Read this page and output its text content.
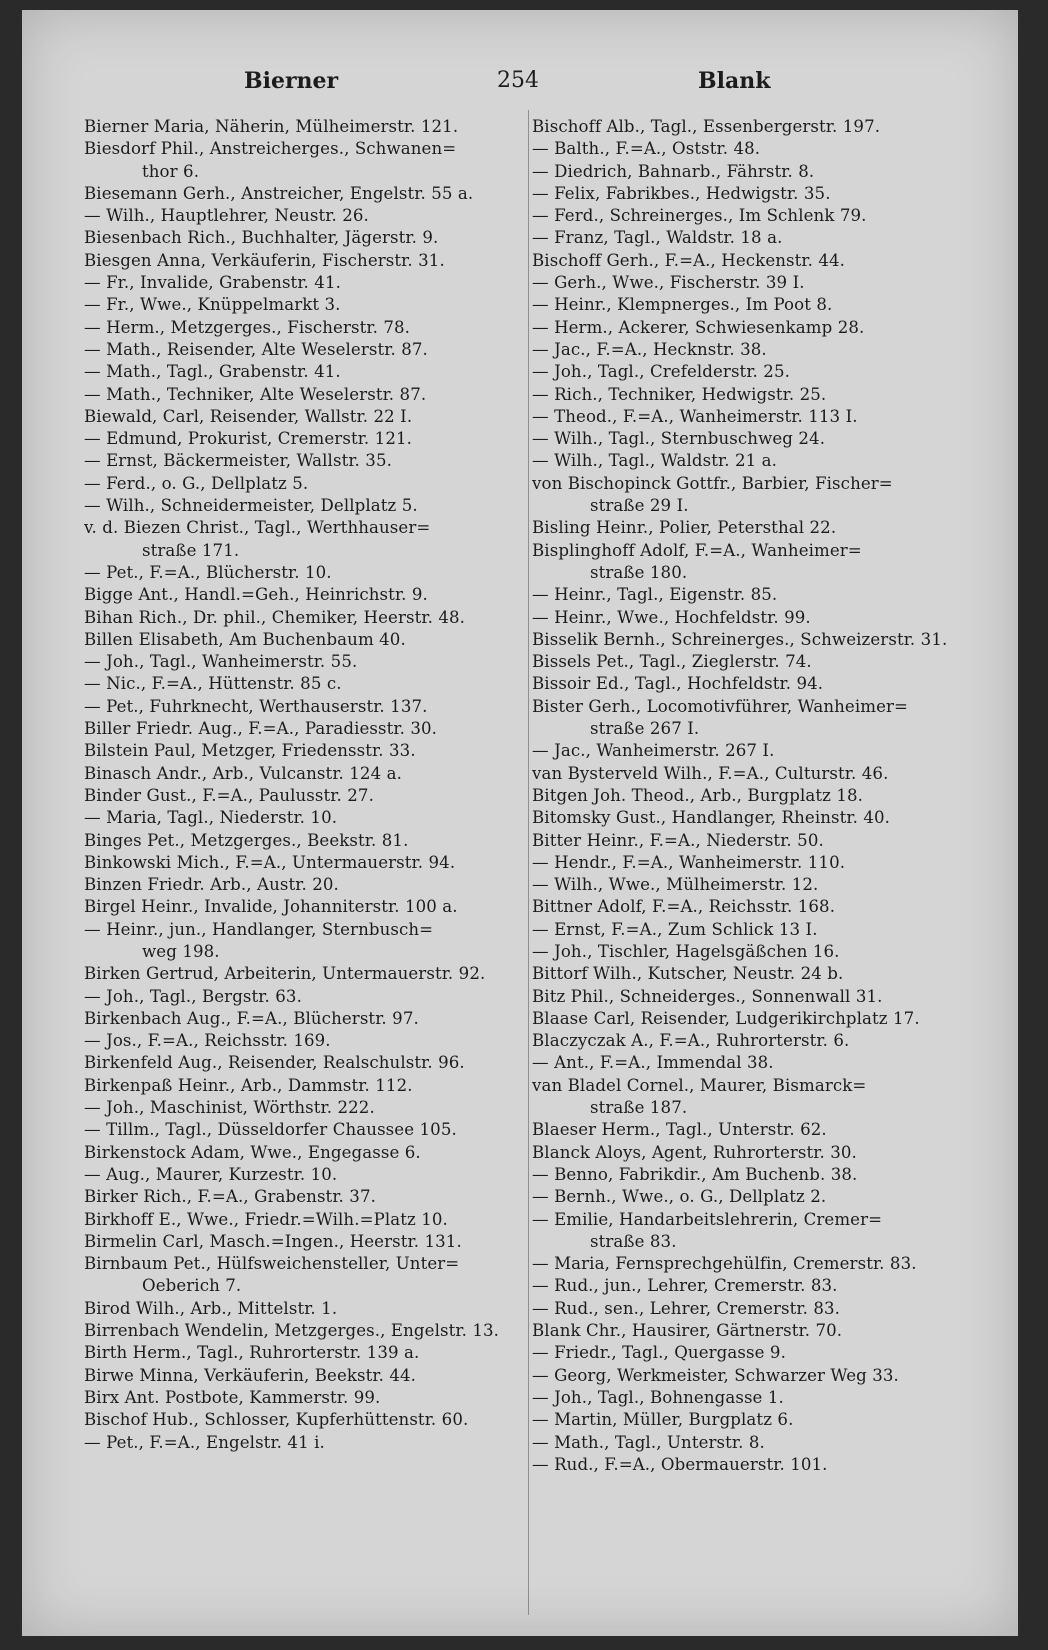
Bierner	254	Blank
Bierner Maria, Näherin, Mülheimerstr. 121.
Biesdorf Phil., Anstreicherges., Schwanen=
thor 6.
Biesemann Gerh., Anstreicher, Engelstr. 55 a.
— Wilh., Hauptlehrer, Neustr. 26.
Biesenbach Rich., Buchhalter, Jägerstr. 9.
Biesgen Anna, Verkäuferin, Fischerstr. 31.
— Fr., Invalide, Grabenstr. 41.
— Fr., Wwe., Knüppelmarkt 3.
— Herm., Metzgerges., Fischerstr. 78.
— Math., Reisender, Alte Weselerstr. 87.
— Math., Tagl., Grabenstr. 41.
— Math., Techniker, Alte Weselerstr. 87.
Biewald, Carl, Reisender, Wallstr. 22 I.
— Edmund, Prokurist, Cremerstr. 121.
— Ernst, Bäckermeister, Wallstr. 35.
— Ferd., o. G., Dellplatz 5.
— Wilh., Schneidermeister, Dellplatz 5.
v. d. Biezen Christ., Tagl., Werthhauser=
straße 171.
— Pet., F.=A., Blücherstr. 10.
Bigge Ant., Handl.=Geh., Heinrichstr. 9.
Bihan Rich., Dr. phil., Chemiker, Heerstr. 48.
Billen Elisabeth, Am Buchenbaum 40.
— Joh., Tagl., Wanheimerstr. 55.
— Nic., F.=A., Hüttenstr. 85 c.
— Pet., Fuhrknecht, Werthauserstr. 137.
Biller Friedr. Aug., F.=A., Paradiesstr. 30.
Bilstein Paul, Metzger, Friedensstr. 33.
Binasch Andr., Arb., Vulcanstr. 124 a.
Binder Gust., F.=A., Paulusstr. 27.
— Maria, Tagl., Niederstr. 10.
Binges Pet., Metzgerges., Beekstr. 81.
Binkowski Mich., F.=A., Untermauerstr. 94.
Binzen Friedr. Arb., Austr. 20.
Birgel Heinr., Invalide, Johanniterstr. 100 a.
— Heinr., jun., Handlanger, Sternbusch=
weg 198.
Birken Gertrud, Arbeiterin, Untermauerstr. 92.
— Joh., Tagl., Bergstr. 63.
Birkenbach Aug., F.=A., Blücherstr. 97.
— Jos., F.=A., Reichsstr. 169.
Birkenfeld Aug., Reisender, Realschulstr. 96.
Birkenpaß Heinr., Arb., Dammstr. 112.
— Joh., Maschinist, Wörthstr. 222.
— Tillm., Tagl., Düsseldorfer Chaussee 105.
Birkenstock Adam, Wwe., Engegasse 6.
— Aug., Maurer, Kurzestr. 10.
Birker Rich., F.=A., Grabenstr. 37.
Birkhoff E., Wwe., Friedr.=Wilh.=Platz 10.
Birmelin Carl, Masch.=Ingen., Heerstr. 131.
Birnbaum Pet., Hülfsweichensteller, Unter=
Oeberich 7.
Birod Wilh., Arb., Mittelstr. 1.
Birrenbach Wendelin, Metzgerges., Engelstr. 13.
Birth Herm., Tagl., Ruhrorterstr. 139 a.
Birwe Minna, Verkäuferin, Beekstr. 44.
Birx Ant. Postbote, Kammerstr. 99.
Bischof Hub., Schlosser, Kupferhüttenstr. 60.
— Pet., F.=A., Engelstr. 41 i.
Bischoff Alb., Tagl., Essenbergerstr. 197.
— Balth., F.=A., Oststr. 48.
— Diedrich, Bahnarb., Fährstr. 8.
— Felix, Fabrikbes., Hedwigstr. 35.
— Ferd., Schreinerges., Im Schlenk 79.
— Franz, Tagl., Waldstr. 18 a.
Bischoff Gerh., F.=A., Heckenstr. 44.
— Gerh., Wwe., Fischerstr. 39 I.
— Heinr., Klempnerges., Im Poot 8.
— Herm., Ackerer, Schwiesenkamp 28.
— Jac., F.=A., Hecknstr. 38.
— Joh., Tagl., Crefelderstr. 25.
— Rich., Techniker, Hedwigstr. 25.
— Theod., F.=A., Wanheimerstr. 113 I.
— Wilh., Tagl., Sternbuschweg 24.
— Wilh., Tagl., Waldstr. 21 a.
von Bischopinck Gottfr., Barbier, Fischer=
straße 29 I.
Bisling Heinr., Polier, Petersthal 22.
Bisplinghoff Adolf, F.=A., Wanheimer=
straße 180.
— Heinr., Tagl., Eigenstr. 85.
— Heinr., Wwe., Hochfeldstr. 99.
Bisselik Bernh., Schreinerges., Schweizerstr. 31.
Bissels Pet., Tagl., Zieglerstr. 74.
Bissoir Ed., Tagl., Hochfeldstr. 94.
Bister Gerh., Locomotivführer, Wanheimer=
straße 267 I.
— Jac., Wanheimerstr. 267 I.
van Bysterveld Wilh., F.=A., Culturstr. 46.
Bitgen Joh. Theod., Arb., Burgplatz 18.
Bitomsky Gust., Handlanger, Rheinstr. 40.
Bitter Heinr., F.=A., Niederstr. 50.
— Hendr., F.=A., Wanheimerstr. 110.
— Wilh., Wwe., Mülheimerstr. 12.
Bittner Adolf, F.=A., Reichsstr. 168.
— Ernst, F.=A., Zum Schlick 13 I.
— Joh., Tischler, Hagelsgäßchen 16.
Bittorf Wilh., Kutscher, Neustr. 24 b.
Bitz Phil., Schneiderges., Sonnenwall 31.
Blaase Carl, Reisender, Ludgerikirchplatz 17.
Blaczyczak A., F.=A., Ruhrorterstr. 6.
— Ant., F.=A., Immendal 38.
van Bladel Cornel., Maurer, Bismarck=
straße 187.
Blaeser Herm., Tagl., Unterstr. 62.
Blanck Aloys, Agent, Ruhrorterstr. 30.
— Benno, Fabrikdir., Am Buchenb. 38.
— Bernh., Wwe., o. G., Dellplatz 2.
— Emilie, Handarbeitslehrerin, Cremer=
straße 83.
— Maria, Fernsprechgehülfin, Cremerstr. 83.
— Rud., jun., Lehrer, Cremerstr. 83.
— Rud., sen., Lehrer, Cremerstr. 83.
Blank Chr., Hausirer, Gärtnerstr. 70.
— Friedr., Tagl., Quergasse 9.
— Georg, Werkmeister, Schwarzer Weg 33.
— Joh., Tagl., Bohnengasse 1.
— Martin, Müller, Burgplatz 6.
— Math., Tagl., Unterstr. 8.
— Rud., F.=A., Obermauerstr. 101.
